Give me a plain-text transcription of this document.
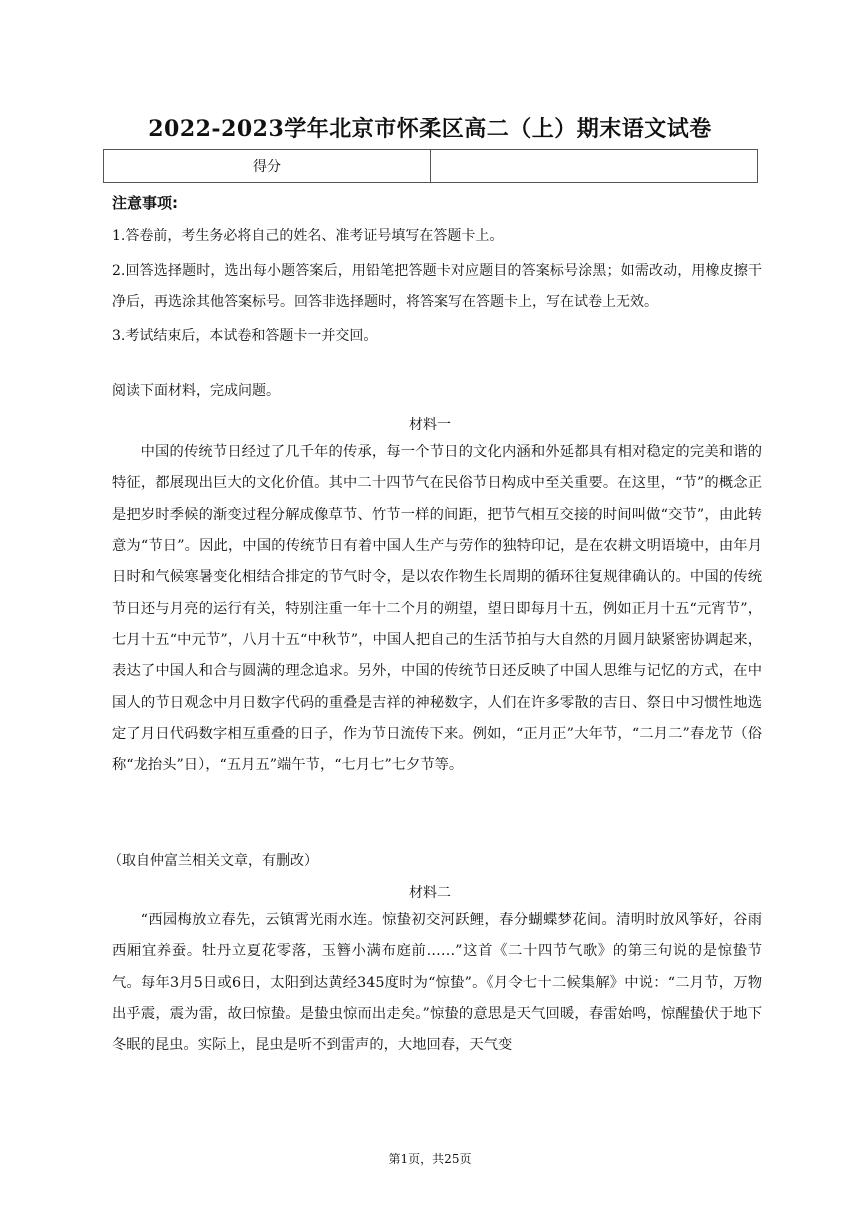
2022-2023学年北京市怀柔区高二（上）期末语文试卷
得分	
注意事项:
1.答卷前，考生务必将自己的姓名、准考证号填写在答题卡上。
2.回答选择题时，选出每小题答案后，用铅笔把答题卡对应题目的答案标号涂黑；如需改动，用橡皮擦干净后，再选涂其他答案标号。回答非选择题时，将答案写在答题卡上，写在试卷上无效。
3.考试结束后，本试卷和答题卡一并交回。
阅读下面材料，完成问题。
材料一
中国的传统节日经过了几千年的传承，每一个节日的文化内涵和外延都具有相对稳定的完美和谐的特征，都展现出巨大的文化价值。其中二十四节气在民俗节日构成中至关重要。在这里，“节”的概念正是把岁时季候的渐变过程分解成像草节、竹节一样的间距，把节气相互交接的时间叫做“交节”，由此转意为“节日”。因此，中国的传统节日有着中国人生产与劳作的独特印记，是在农耕文明语境中，由年月日时和气候寒暑变化相结合排定的节气时令，是以农作物生长周期的循环往复规律确认的。中国的传统节日还与月亮的运行有关，特别注重一年十二个月的朔望，望日即每月十五，例如正月十五“元宵节”，七月十五“中元节”，八月十五“中秋节”，中国人把自己的生活节拍与大自然的月圆月缺紧密协调起来，表达了中国人和合与圆满的理念追求。另外，中国的传统节日还反映了中国人思维与记忆的方式，在中国人的节日观念中月日数字代码的重叠是吉祥的神秘数字，人们在许多零散的吉日、祭日中习惯性地选定了月日代码数字相互重叠的日子，作为节日流传下来。例如，“正月正”大年节，“二月二”春龙节（俗称“龙抬头”日），“五月五”端午节，“七月七”七夕节等。
（取自仲富兰相关文章，有删改）
材料二
“西园梅放立春先，云镇霄光雨水连。惊蛰初交河跃鲤，春分蝴蝶梦花间。清明时放风筝好，谷雨西厢宜养蚕。牡丹立夏花零落，玉簪小满布庭前……”这首《二十四节气歌》的第三句说的是惊蛰节气。每年3月5日或6日，太阳到达黄经345度时为“惊蛰”。《月令七十二候集解》中说：“二月节，万物出乎震，震为雷，故曰惊蛰。是蛰虫惊而出走矣。”惊蛰的意思是天气回暖，春雷始鸣，惊醒蛰伏于地下冬眠的昆虫。实际上，昆虫是听不到雷声的，大地回春，天气变
第1页，共25页
